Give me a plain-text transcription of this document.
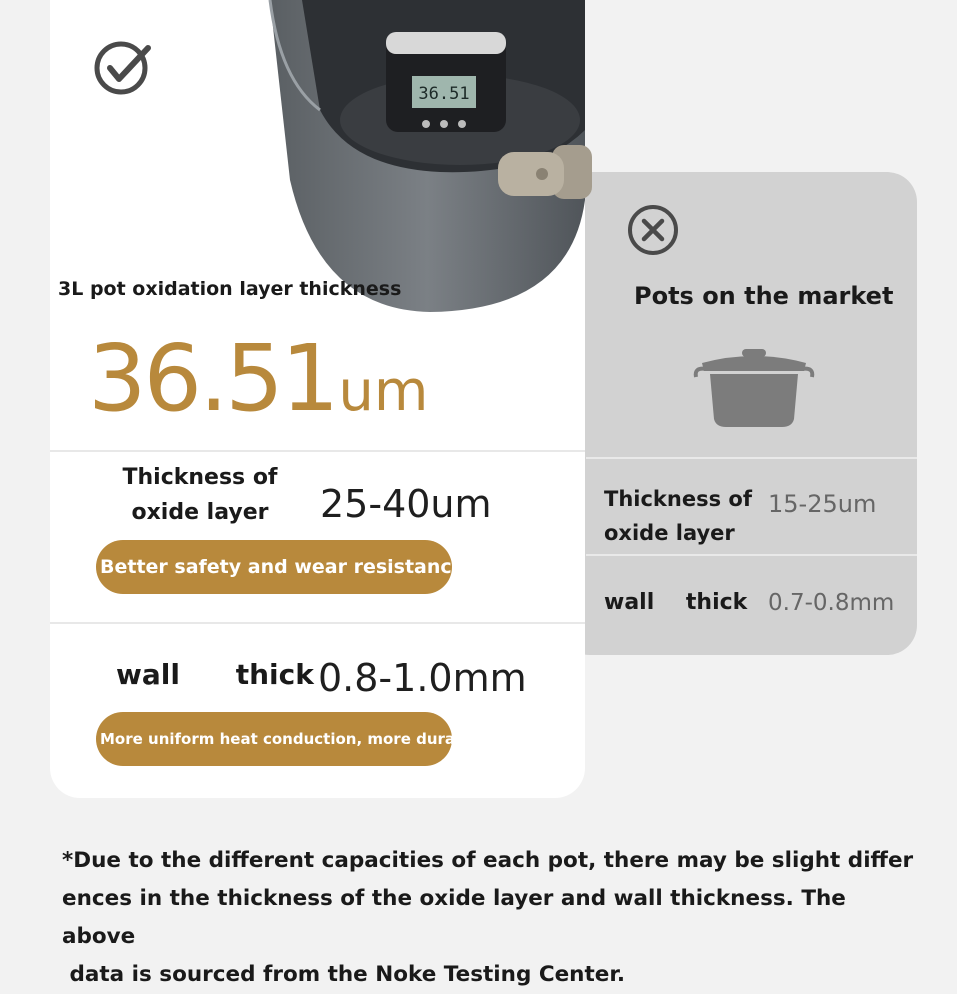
Pots on the market
Thickness of
oxide layer
15-25um
wall thick 0.7-0.8mm
36.51
3L pot oxidation layer thickness
36.51um
Thickness of
oxide layer	25-40um
Better safety and wear resistance
wall thick 0.8-1.0mm
More uniform heat conduction, more durable
*Due to the different capacities of each pot, there may be slight differ
ences in the thickness of the oxide layer and wall thickness. The above
data is sourced from the Noke Testing Center.
